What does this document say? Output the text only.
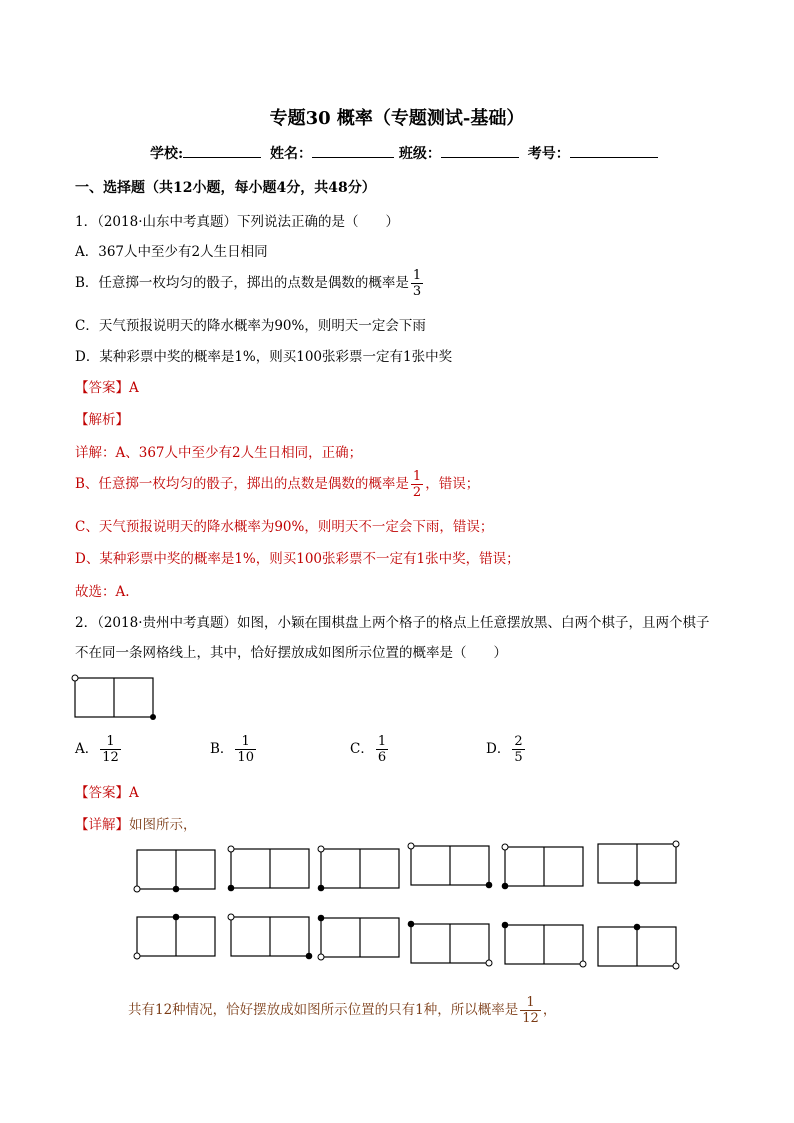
专题30 概率（专题测试-基础）
学校:	姓名：	班级：	考号：
一、选择题（共12小题，每小题4分，共48分）
1．（2018·山东中考真题）下列说法正确的是（　　）
A．367人中至少有2人生日相同
B．任意掷一枚均匀的骰子，掷出的点数是偶数的概率是 $\frac{1}{3}$
C．天气预报说明天的降水概率为90%，则明天一定会下雨
D．某种彩票中奖的概率是1%，则买100张彩票一定有1张中奖
【答案】A
【解析】
详解：A、367人中至少有2人生日相同，正确；
B、任意掷一枚均匀的骰子，掷出的点数是偶数的概率是 $\frac{1}{2}$ ，错误；
C、天气预报说明天的降水概率为90%，则明天不一定会下雨，错误；
D、某种彩票中奖的概率是1%，则买100张彩票不一定有1张中奖，错误；
故选：A.
2．（2018·贵州中考真题）如图，小颖在围棋盘上两个格子的格点上任意摆放黑、白两个棋子，且两个棋子
不在同一条网格线上，其中，恰好摆放成如图所示位置的概率是（　　）
A． $\frac{1}{12}$	B． $\frac{1}{10}$	C． $\frac{1}{6}$	D． $\frac{2}{5}$
【答案】A
【详解】如图所示，
共有12种情况，恰好摆放成如图所示位置的只有1种，所以概率是 $\frac{1}{12}$ ，
